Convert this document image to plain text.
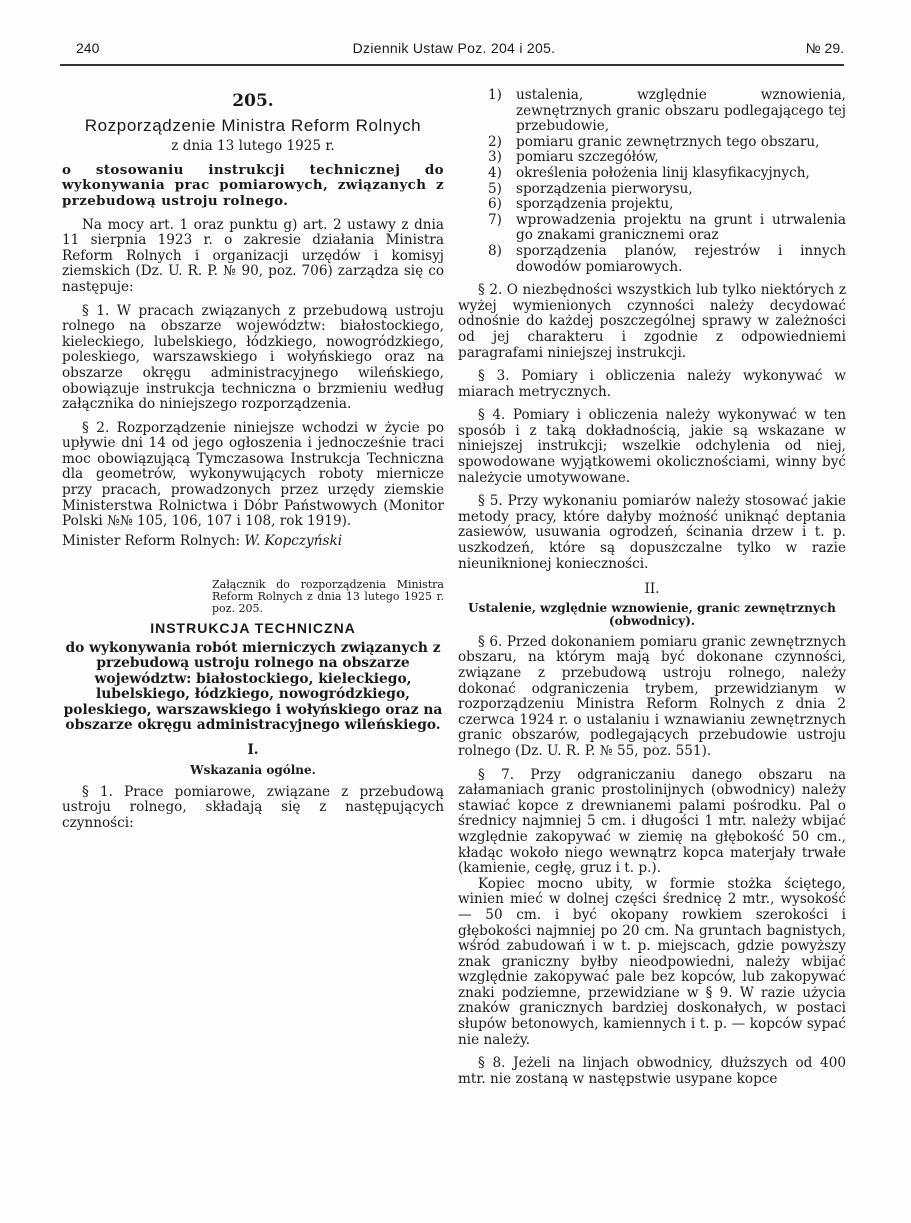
240	Dziennik Ustaw Poz. 204 i 205.	№ 29.
205.
Rozporządzenie Ministra Reform Rolnych
z dnia 13 lutego 1925 r.

o stosowaniu instrukcji technicznej do wykonywania prac pomiarowych, związanych z przebudową ustroju rolnego.

Na mocy art. 1 oraz punktu g) art. 2 ustawy z dnia 11 sierpnia 1923 r. o zakresie działania Ministra Reform Rolnych i organizacji urzędów i komisyj ziemskich (Dz. U. R. P. № 90, poz. 706) zarządza się co następuje:

§ 1. W pracach związanych z przebudową ustroju rolnego na obszarze województw: białostockiego, kieleckiego, lubelskiego, łódzkiego, nowogródzkiego, poleskiego, warszawskiego i wołyńskiego oraz na obszarze okręgu administracyjnego wileńskiego, obowiązuje instrukcja techniczna o brzmieniu według załącznika do niniejszego rozporządzenia.

§ 2. Rozporządzenie niniejsze wchodzi w życie po upływie dni 14 od jego ogłoszenia i jednocześnie traci moc obowiązującą Tymczasowa Instrukcja Techniczna dla geometrów, wykonywujących roboty miernicze przy pracach, prowadzonych przez urzędy ziemskie Ministerstwa Rolnictwa i Dóbr Państwowych (Monitor Polski №№ 105, 106, 107 i 108, rok 1919).

Minister Reform Rolnych: W. Kopczyński
Załącznik do rozporządzenia Ministra Reform Rolnych z dnia 13 lutego 1925 r. poz. 205.
INSTRUKCJA TECHNICZNA
do wykonywania robót mierniczych związanych z przebudową ustroju rolnego na obszarze województw: białostockiego, kieleckiego, lubelskiego, łódzkiego, nowogródzkiego, poleskiego, warszawskiego i wołyńskiego oraz na obszarze okręgu administracyjnego wileńskiego.
I.
Wskazania ogólne.

§ 1. Prace pomiarowe, związane z przebudową ustroju rolnego, składają się z następujących czynności:

1) ustalenia, względnie wznowienia, zewnętrznych granic obszaru podlegającego tej przebudowie,
2) pomiaru granic zewnętrznych tego obszaru,
3) pomiaru szczegółów,
4) określenia położenia linij klasyfikacyjnych,
5) sporządzenia pierworysu,
6) sporządzenia projektu,
7) wprowadzenia projektu na grunt i utrwalenia go znakami granicznemi oraz
8) sporządzenia planów, rejestrów i innych dowodów pomiarowych.

§ 2. O niezbędności wszystkich lub tylko niektórych z wyżej wymienionych czynności należy decydować odnośnie do każdej poszczególnej sprawy w zależności od jej charakteru i zgodnie z odpowiedniemi paragrafami niniejszej instrukcji.

§ 3. Pomiary i obliczenia należy wykonywać w miarach metrycznych.

§ 4. Pomiary i obliczenia należy wykonywać w ten sposób i z taką dokładnością, jakie są wskazane w niniejszej instrukcji; wszelkie odchylenia od niej, spowodowane wyjątkowemi okolicznościami, winny być należycie umotywowane.

§ 5. Przy wykonaniu pomiarów należy stosować jakie metody pracy, które dałyby możność uniknąć deptania zasiewów, usuwania ogrodzeń, ścinania drzew i t. p. uszkodzeń, które są dopuszczalne tylko w razie nieuniknionej konieczności.

II.
Ustalenie, względnie wznowienie, granic zewnętrznych (obwodnicy).

§ 6. Przed dokonaniem pomiaru granic zewnętrznych obszaru, na którym mają być dokonane czynności, związane z przebudową ustroju rolnego, należy dokonać odgraniczenia trybem, przewidzianym w rozporządzeniu Ministra Reform Rolnych z dnia 2 czerwca 1924 r. o ustalaniu i wznawianiu zewnętrznych granic obszarów, podlegających przebudowie ustroju rolnego (Dz. U. R. P. № 55, poz. 551).

§ 7. Przy odgraniczaniu danego obszaru na załamaniach granic prostolinijnych (obwodnicy) należy stawiać kopce z drewnianemi palami pośrodku. Pal o średnicy najmniej 5 cm. i długości 1 mtr. należy wbijać względnie zakopywać w ziemię na głębokość 50 cm., kładąc wokoło niego wewnątrz kopca materjały trwałe (kamienie, cegłę, gruz i t. p.).

Kopiec mocno ubity, w formie stożka ściętego, winien mieć w dolnej części średnicę 2 mtr., wysokość — 50 cm. i być okopany rowkiem szerokości i głębokości najmniej po 20 cm. Na gruntach bagnistych, wśród zabudowań i w t. p. miejscach, gdzie powyższy znak graniczny byłby nieodpowiedni, należy wbijać względnie zakopywać pale bez kopców, lub zakopywać znaki podziemne, przewidziane w § 9. W razie użycia znaków granicznych bardziej doskonałych, w postaci słupów betonowych, kamiennych i t. p. — kopców sypać nie należy.

§ 8. Jeżeli na linjach obwodnicy, dłuższych od 400 mtr. nie zostaną w następstwie usypane kopce
